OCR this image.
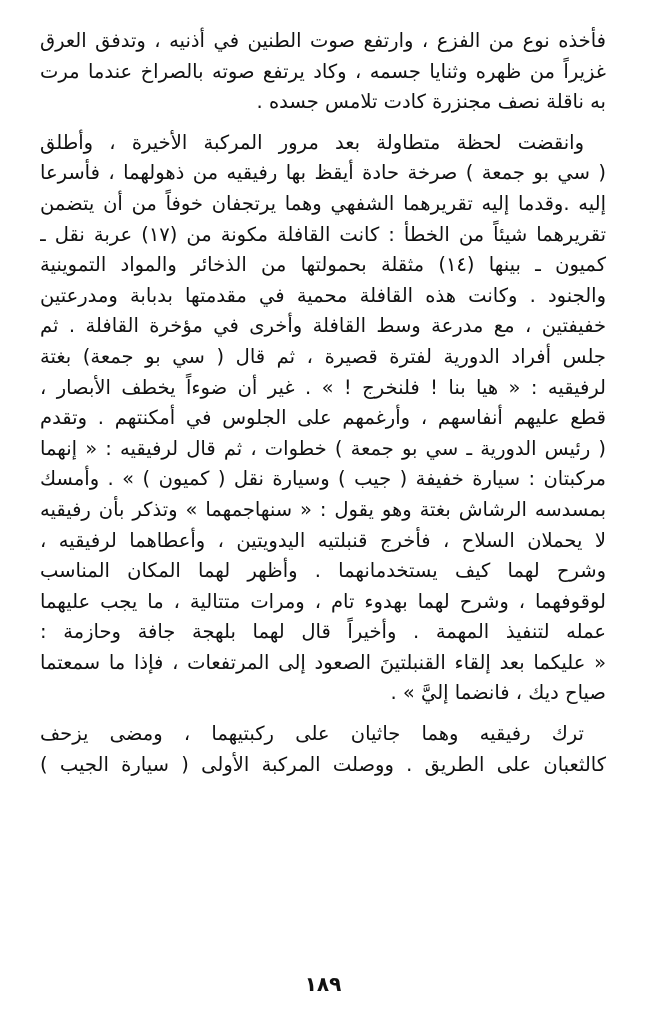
فأخذه نوع من الفزع ، وارتفع صوت الطنين في أذنيه ، وتدفق العرق
غزيراً من ظهره وثنايا جسمه ، وكاد يرتفع صوته بالصراخ عندما مرت
به ناقلة نصف مجنزرة كادت تلامس جسده .
وانقضت لحظة متطاولة بعد مرور المركبة الأخيرة ، وأطلق
( سي بو جمعة ) صرخة حادة أيقظ بها رفيقيه من ذهولهما ، فأسرعا
إليه .وقدما إليه تقريرهما الشفهي وهما يرتجفان خوفاً من أن يتضمن
تقريرهما شيئاً من الخطأ : كانت القافلة مكونة من (١٧) عربة نقل ـ
كميون ـ بينها (١٤) مثقلة بحمولتها من الذخائر والمواد التموينية
والجنود . وكانت هذه القافلة محمية في مقدمتها بدبابة ومدرعتين
خفيفتين ، مع مدرعة وسط القافلة وأخرى في مؤخرة القافلة . ثم
جلس أفراد الدورية لفترة قصيرة ، ثم قال ( سي بو جمعة) بغتة
لرفيقيه : « هيا بنا ! فلنخرج ! » . غير أن ضوءاً يخطف الأبصار ،
قطع عليهم أنفاسهم ، وأرغمهم على الجلوس في أمكنتهم . وتقدم
( رئيس الدورية ـ سي بو جمعة ) خطوات ، ثم قال لرفيقيه : « إنهما
مركبتان : سيارة خفيفة ( جيب ) وسيارة نقل ( كميون ) » . وأمسك
بمسدسه الرشاش بغتة وهو يقول : « سنهاجمهما » وتذكر بأن رفيقيه
لا يحملان السلاح ، فأخرج قنبلتيه اليدويتين ، وأعطاهما لرفيقيه ،
وشرح لهما كيف يستخدمانهما . وأظهر لهما المكان المناسب
لوقوفهما ، وشرح لهما بهدوء تام ، ومرات متتالية ، ما يجب عليهما
عمله لتنفيذ المهمة . وأخيراً قال لهما بلهجة جافة وحازمة :
« عليكما بعد إلقاء القنبلتينَ الصعود إلى المرتفعات ، فإذا ما سمعتما
صياح ديك ، فانضما إليَّ » .
ترك رفيقيه وهما جاثيان على ركبتيهما ، ومضى يزحف
كالثعبان على الطريق . ووصلت المركبة الأولى ( سيارة الجيب )
١٨٩
